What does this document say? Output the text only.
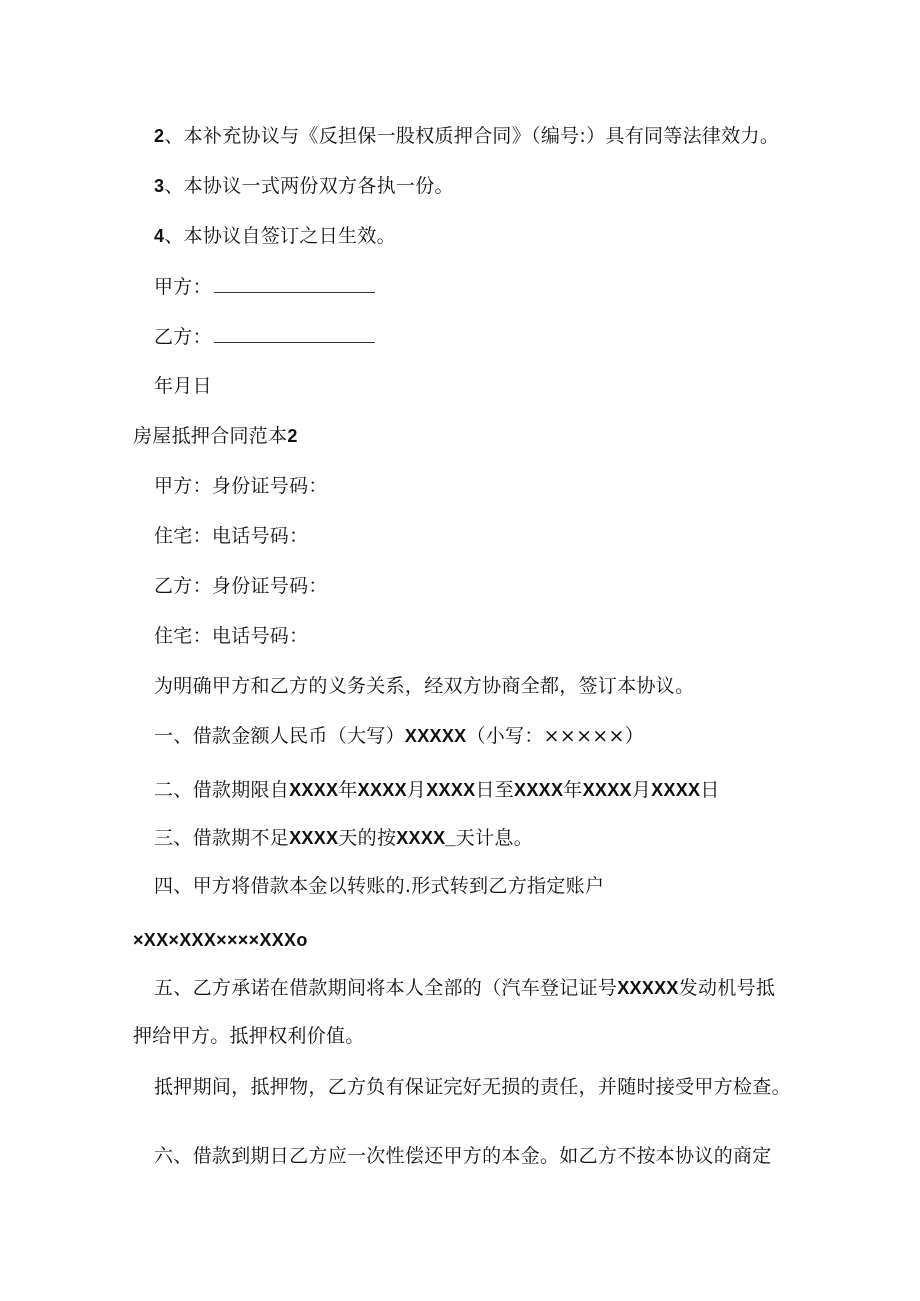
2、本补充协议与《反担保一股权质押合同》（编号:）具有同等法律效力。
3、本协议一式两份双方各执一份。
4、本协议自签订之日生效。
甲方：
乙方：
年月日
房屋抵押合同范本2
甲方：身份证号码：
住宅：电话号码：
乙方：身份证号码：
住宅：电话号码：
为明确甲方和乙方的义务关系，经双方协商全都，签订本协议。
一、借款金额人民币（大写）XXXXX（小写：×××××）
二、借款期限自XXXX年XXXX月XXXX日至XXXX年XXXX月XXXX日
三、借款期不足XXXX天的按XXXX_天计息。
四、甲方将借款本金以转账的.形式转到乙方指定账户
×XX×XXX××××XXXo
五、乙方承诺在借款期间将本人全部的（汽车登记证号XXXXX发动机号抵
押给甲方。抵押权利价值。
抵押期间，抵押物，乙方负有保证完好无损的责任，并随时接受甲方检查。
六、借款到期日乙方应一次性偿还甲方的本金。如乙方不按本协议的商定
